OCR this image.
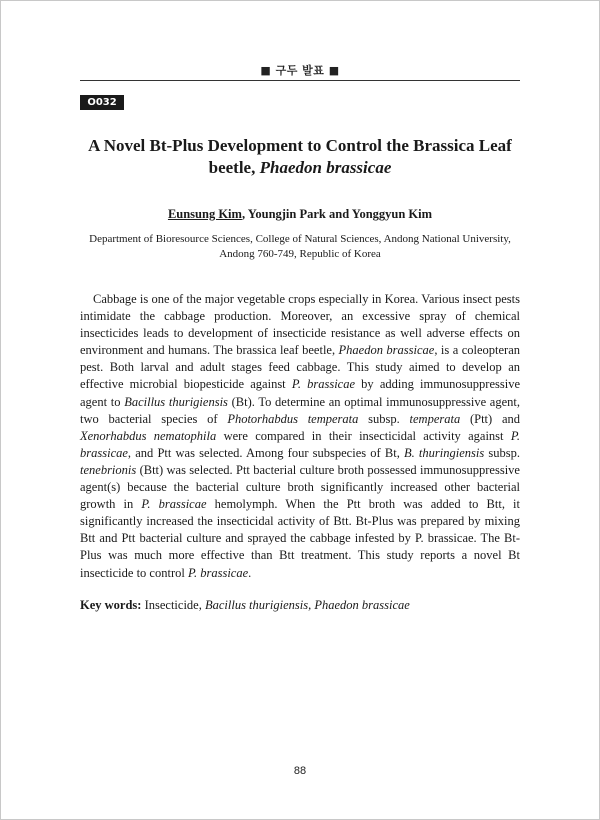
■ 구두 발표 ■
O032
A Novel Bt-Plus Development to Control the Brassica Leaf beetle, Phaedon brassicae
Eunsung Kim, Youngjin Park and Yonggyun Kim
Department of Bioresource Sciences, College of Natural Sciences, Andong National University, Andong 760-749, Republic of Korea

Cabbage is one of the major vegetable crops especially in Korea. Various insect pests intimidate the cabbage production. Moreover, an excessive spray of chemical insecticides leads to development of insecticide resistance as well adverse effects on environment and humans. The brassica leaf beetle, Phaedon brassicae, is a coleopteran pest. Both larval and adult stages feed cabbage. This study aimed to develop an effective microbial biopesticide against P. brassicae by adding immunosuppressive agent to Bacillus thurigiensis (Bt). To determine an optimal immunosuppressive agent, two bacterial species of Photorhabdus temperata subsp. temperata (Ptt) and Xenorhabdus nematophila were compared in their insecticidal activity against P. brassicae, and Ptt was selected. Among four subspecies of Bt, B. thuringiensis subsp. tenebrionis (Btt) was selected. Ptt bacterial culture broth possessed immunosuppressive agent(s) because the bacterial culture broth significantly increased other bacterial growth in P. brassicae hemolymph. When the Ptt broth was added to Btt, it significantly increased the insecticidal activity of Btt. Bt-Plus was prepared by mixing Btt and Ptt bacterial culture and sprayed the cabbage infested by P. brassicae. The Bt-Plus was much more effective than Btt treatment. This study reports a novel Bt insecticide to control P. brassicae.

Key words: Insecticide, Bacillus thurigiensis, Phaedon brassicae
88
